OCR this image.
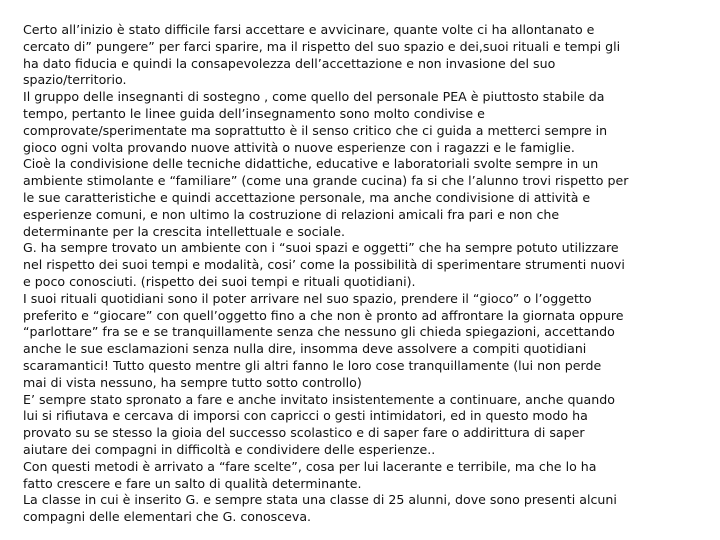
Certo all’inizio è stato difficile farsi accettare e avvicinare, quante volte ci ha allontanato e
cercato di” pungere” per farci sparire, ma il rispetto del suo spazio e dei,suoi rituali e tempi gli
ha dato fiducia e quindi la consapevolezza dell’accettazione e non invasione del suo
spazio/territorio.
Il gruppo delle insegnanti di sostegno , come quello del personale PEA è piuttosto stabile da
tempo, pertanto le linee guida dell’insegnamento sono molto condivise e
comprovate/sperimentate ma soprattutto è il senso critico che ci guida a metterci sempre in
gioco ogni volta provando nuove attività o nuove esperienze con i ragazzi e le famiglie.
Cioè la condivisione delle tecniche didattiche, educative e laboratoriali svolte sempre in un
ambiente stimolante e “familiare” (come una grande cucina) fa si che l’alunno trovi rispetto per
le sue caratteristiche e quindi accettazione personale, ma anche condivisione di attività e
esperienze comuni, e non ultimo la costruzione di relazioni amicali fra pari e non che
determinante per la crescita intellettuale e sociale.
G. ha sempre trovato un ambiente con i “suoi spazi e oggetti” che ha sempre potuto utilizzare
nel rispetto dei suoi tempi e modalità, cosi’ come la possibilità di sperimentare strumenti nuovi
e poco conosciuti. (rispetto dei suoi tempi e rituali quotidiani).
I suoi rituali quotidiani sono il poter arrivare nel suo spazio, prendere il “gioco” o l’oggetto
preferito e “giocare” con quell’oggetto fino a che non è pronto ad affrontare la giornata oppure
“parlottare” fra se e se tranquillamente senza che nessuno gli chieda spiegazioni, accettando
anche le sue esclamazioni senza nulla dire, insomma deve assolvere a compiti quotidiani
scaramantici! Tutto questo mentre gli altri fanno le loro cose tranquillamente (lui non perde
mai di vista nessuno, ha sempre tutto sotto controllo)
E’ sempre stato spronato a fare e anche invitato insistentemente a continuare, anche quando
lui si rifiutava e cercava di imporsi con capricci o gesti intimidatori, ed in questo modo ha
provato su se stesso la gioia del successo scolastico e di saper fare o addirittura di saper
aiutare dei compagni in difficoltà e condividere delle esperienze..
Con questi metodi è arrivato a “fare scelte”, cosa per lui lacerante e terribile, ma che lo ha
fatto crescere e fare un salto di qualità determinante.
La classe in cui è inserito G. e sempre stata una classe di 25 alunni, dove sono presenti alcuni
compagni delle elementari che G. conosceva.
